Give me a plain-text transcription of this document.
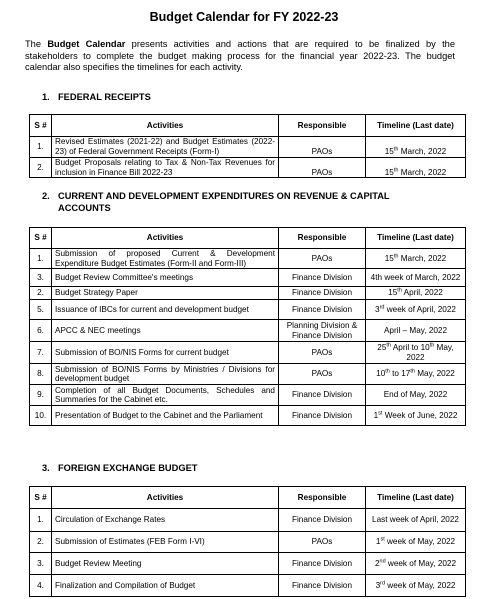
Budget Calendar for FY 2022-23
The Budget Calendar presents activities and actions that are required to be finalized by the stakeholders to complete the budget making process for the financial year 2022-23. The budget calendar also specifies the timelines for each activity.
1. FEDERAL RECEIPTS
S #	Activities	Responsible	Timeline (Last date)
1.	Revised Estimates (2021-22) and Budget Estimates (2022-23) of Federal Government Receipts (Form-I)	PAOs	15th March, 2022
2.	Budget Proposals relating to Tax & Non-Tax Revenues for inclusion in Finance Bill 2022-23	PAOs	15th March, 2022
2. CURRENT AND DEVELOPMENT EXPENDITURES ON REVENUE & CAPITAL ACCOUNTS
S #	Activities	Responsible	Timeline (Last date)
1.	Submission of proposed Current & Development Expenditure Budget Estimates (Form-II and Form-III)	PAOs	15th March, 2022
3.	Budget Review Committee's meetings	Finance Division	4th week of March, 2022
2.	Budget Strategy Paper	Finance Division	15th April, 2022
5.	Issuance of IBCs for current and development budget	Finance Division	3rd week of April, 2022
6.	APCC & NEC meetings	Planning Division & Finance Division	April – May, 2022
7.	Submission of BO/NIS Forms for current budget	PAOs	25th April to 10th May, 2022
8.	Submission of BO/NIS Forms by Ministries / Divisions for development budget	PAOs	10th to 17th May, 2022
9.	Completion of all Budget Documents, Schedules and Summaries for the Cabinet etc.	Finance Division	End of May, 2022
10.	Presentation of Budget to the Cabinet and the Parliament	Finance Division	1st Week of June, 2022
3. FOREIGN EXCHANGE BUDGET
S #	Activities	Responsible	Timeline (Last date)
1.	Circulation of Exchange Rates	Finance Division	Last week of April, 2022
2.	Submission of Estimates (FEB Form I-VI)	PAOs	1st week of May, 2022
3.	Budget Review Meeting	Finance Division	2nd week of May, 2022
4.	Finalization and Compilation of Budget	Finance Division	3rd week of May, 2022
